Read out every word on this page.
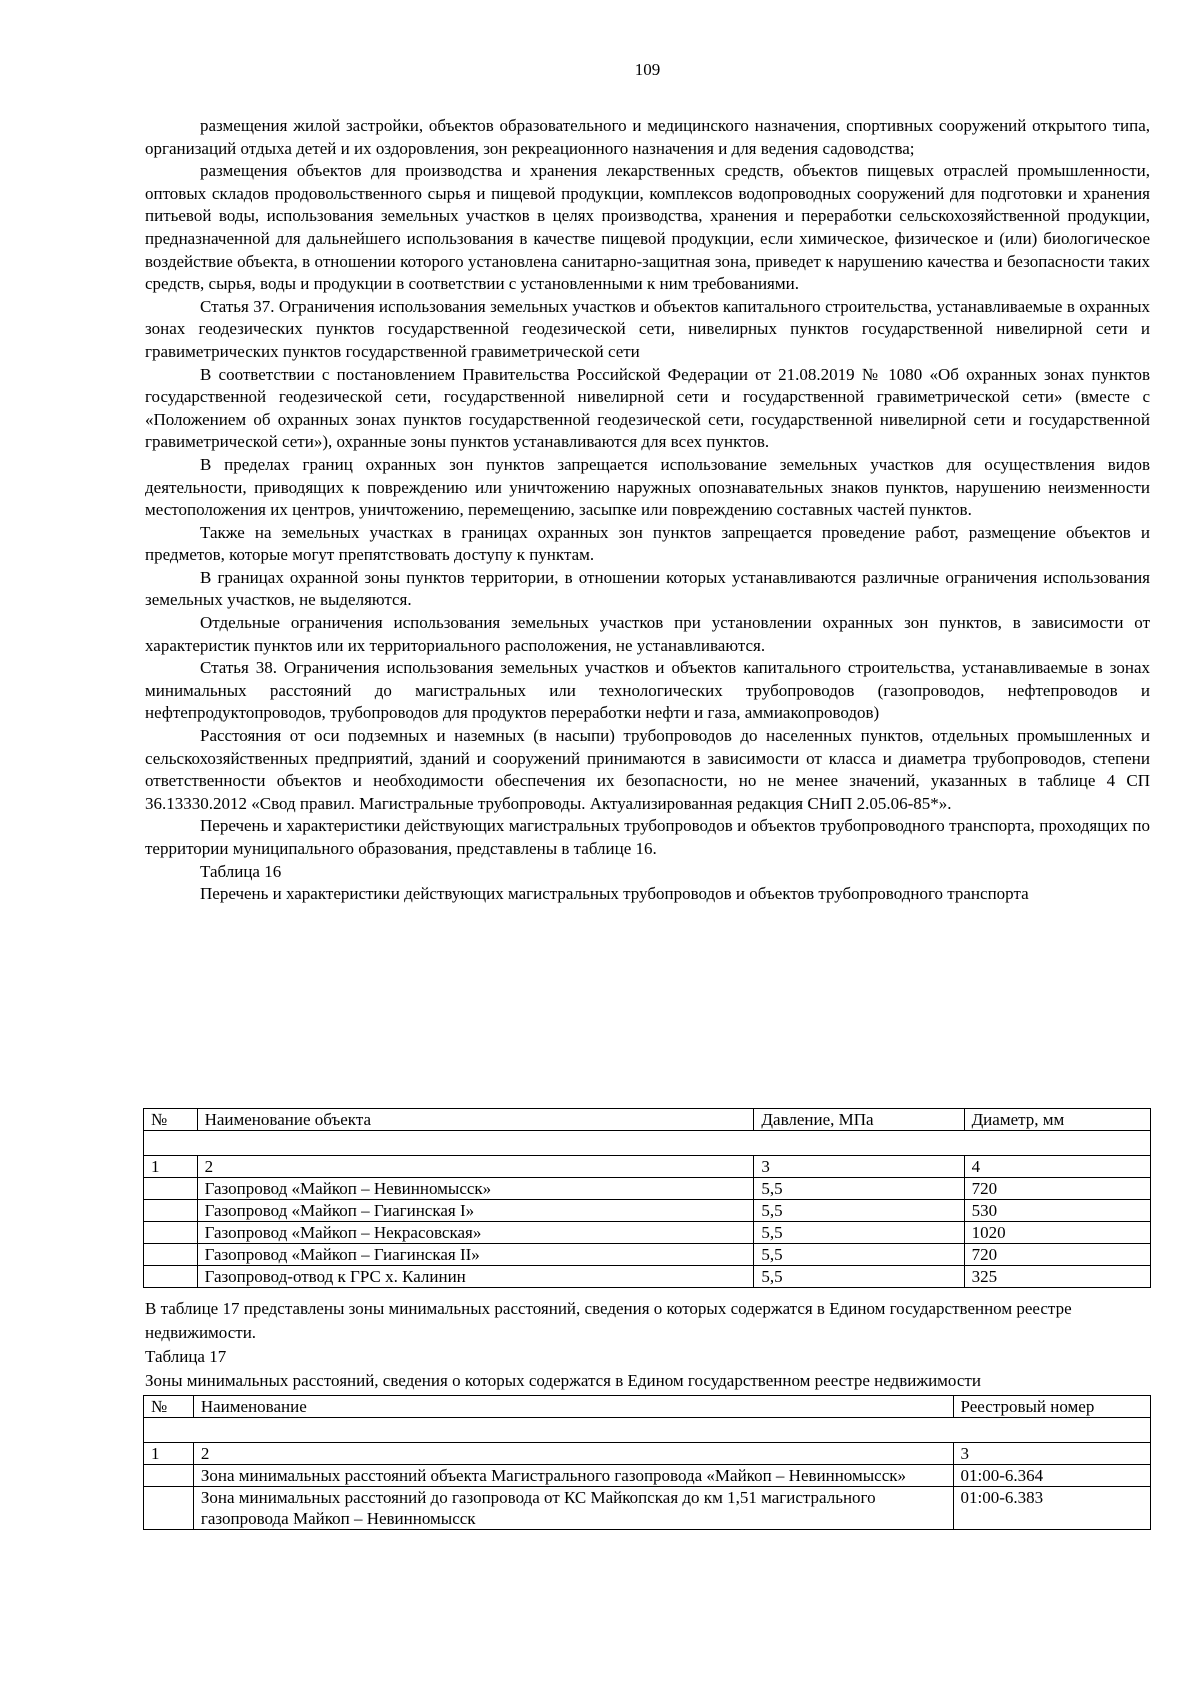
109

размещения жилой застройки, объектов образовательного и медицинского назначения, спортивных сооружений открытого типа, организаций отдыха детей и их оздоровления, зон рекреационного назначения и для ведения садоводства;

размещения объектов для производства и хранения лекарственных средств, объектов пищевых отраслей промышленности, оптовых складов продовольственного сырья и пищевой продукции, комплексов водопроводных сооружений для подготовки и хранения питьевой воды, использования земельных участков в целях производства, хранения и переработки сельскохозяйственной продукции, предназначенной для дальнейшего использования в качестве пищевой продукции, если химическое, физическое и (или) биологическое воздействие объекта, в отношении которого установлена санитарно-защитная зона, приведет к нарушению качества и безопасности таких средств, сырья, воды и продукции в соответствии с установленными к ним требованиями.

Статья 37. Ограничения использования земельных участков и объектов капитального строительства, устанавливаемые в охранных зонах геодезических пунктов государственной геодезической сети, нивелирных пунктов государственной нивелирной сети и гравиметрических пунктов государственной гравиметрической сети

В соответствии с постановлением Правительства Российской Федерации от 21.08.2019 № 1080 «Об охранных зонах пунктов государственной геодезической сети, государственной нивелирной сети и государственной гравиметрической сети» (вместе с «Положением об охранных зонах пунктов государственной геодезической сети, государственной нивелирной сети и государственной гравиметрической сети»), охранные зоны пунктов устанавливаются для всех пунктов.

В пределах границ охранных зон пунктов запрещается использование земельных участков для осуществления видов деятельности, приводящих к повреждению или уничтожению наружных опознавательных знаков пунктов, нарушению неизменности местоположения их центров, уничтожению, перемещению, засыпке или повреждению составных частей пунктов.

Также на земельных участках в границах охранных зон пунктов запрещается проведение работ, размещение объектов и предметов, которые могут препятствовать доступу к пунктам.

В границах охранной зоны пунктов территории, в отношении которых устанавливаются различные ограничения использования земельных участков, не выделяются.

Отдельные ограничения использования земельных участков при установлении охранных зон пунктов, в зависимости от характеристик пунктов или их территориального расположения, не устанавливаются.

Статья 38. Ограничения использования земельных участков и объектов капитального строительства, устанавливаемые в зонах минимальных расстояний до магистральных или технологических трубопроводов (газопроводов, нефтепроводов и нефтепродуктопроводов, трубопроводов для продуктов переработки нефти и газа, аммиакопроводов)

Расстояния от оси подземных и наземных (в насыпи) трубопроводов до населенных пунктов, отдельных промышленных и сельскохозяйственных предприятий, зданий и сооружений принимаются в зависимости от класса и диаметра трубопроводов, степени ответственности объектов и необходимости обеспечения их безопасности, но не менее значений, указанных в таблице 4 СП 36.13330.2012 «Свод правил. Магистральные трубопроводы. Актуализированная редакция СНиП 2.05.06-85*».

Перечень и характеристики действующих магистральных трубопроводов и объектов трубопроводного транспорта, проходящих по территории муниципального образования, представлены в таблице 16.

Таблица 16

Перечень и характеристики действующих магистральных трубопроводов и объектов трубопроводного транспорта

№	Наименование объекта	Давление, МПа	Диаметр, мм

1	2	3	4
	Газопровод «Майкоп – Невинномысск»	5,5	720
	Газопровод «Майкоп – Гиагинская I»	5,5	530
	Газопровод «Майкоп – Некрасовская»	5,5	1020
	Газопровод «Майкоп – Гиагинская II»	5,5	720
	Газопровод-отвод к ГРС х. Калинин	5,5	325

В таблице 17 представлены зоны минимальных расстояний, сведения о которых содержатся в Едином государственном реестре недвижимости.

Таблица 17

Зоны минимальных расстояний, сведения о которых содержатся в Едином государственном реестре недвижимости

№	Наименование	Реестровый номер

1	2	3
	Зона минимальных расстояний объекта Магистрального газопровода «Майкоп – Невинномысск»	01:00-6.364
	Зона минимальных расстояний до газопровода от КС Майкопская до км 1,51 магистрального газопровода Майкоп – Невинномысск	01:00-6.383
